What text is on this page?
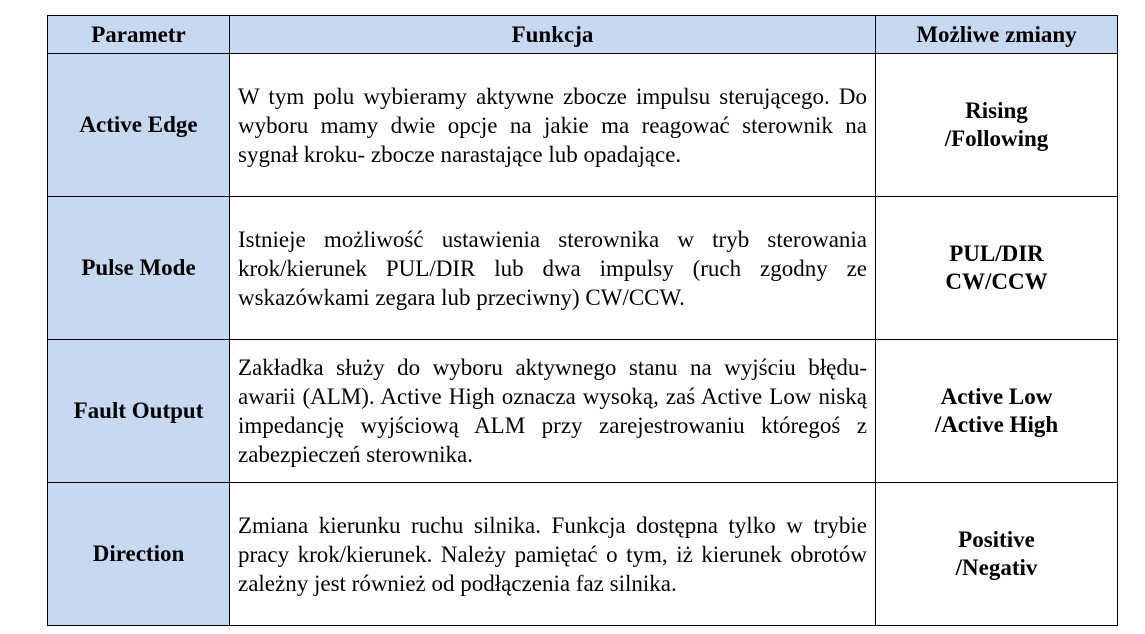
Parametr	Funkcja	Możliwe zmiany
Active Edge	W tym polu wybieramy aktywne zbocze impulsu sterującego. Do wyboru mamy dwie opcje na jakie ma reagować sterownik na sygnał kroku- zbocze narastające lub opadające.	Rising
/Following

Pulse Mode	Istnieje możliwość ustawienia sterownika w tryb sterowania krok/kierunek PUL/DIR lub dwa impulsy (ruch zgodny ze wskazówkami zegara lub przeciwny) CW/CCW.	PUL/DIR
CW/CCW

Fault Output	Zakładka służy do wyboru aktywnego stanu na wyjściu błędu- awarii (ALM). Active High oznacza wysoką, zaś Active Low niską impedancję wyjściową ALM przy zarejestrowaniu któregoś z zabezpieczeń sterownika.	Active Low
/Active High

Direction	Zmiana kierunku ruchu silnika. Funkcja dostępna tylko w trybie pracy krok/kierunek. Należy pamiętać o tym, iż kierunek obrotów zależny jest również od podłączenia faz silnika.	Positive
/Negativ
